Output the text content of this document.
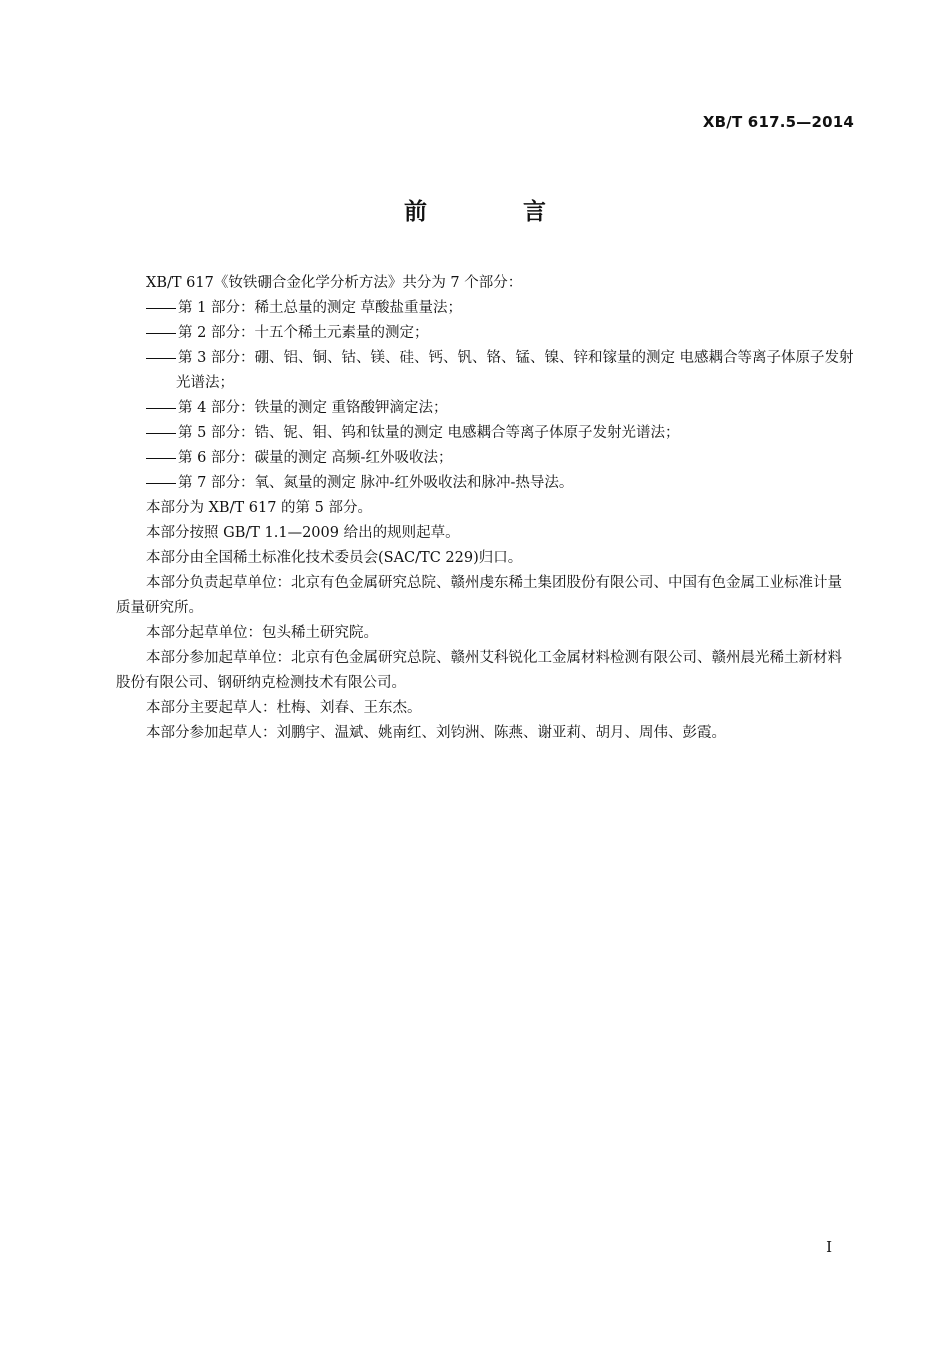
XB/T 617.5—2014
前 言

XB/T 617《钕铁硼合金化学分析方法》共分为 7 个部分：

第 1 部分：稀土总量的测定 草酸盐重量法；

第 2 部分：十五个稀土元素量的测定；

第 3 部分：硼、铝、铜、钴、镁、硅、钙、钒、铬、锰、镍、锌和镓量的测定 电感耦合等离子体原子发射光谱法；

第 4 部分：铁量的测定 重铬酸钾滴定法；

第 5 部分：锆、铌、钼、钨和钛量的测定 电感耦合等离子体原子发射光谱法；

第 6 部分：碳量的测定 高频-红外吸收法；

第 7 部分：氧、氮量的测定 脉冲-红外吸收法和脉冲-热导法。

本部分为 XB/T 617 的第 5 部分。

本部分按照 GB/T 1.1—2009 给出的规则起草。

本部分由全国稀土标准化技术委员会(SAC/TC 229)归口。

本部分负责起草单位：北京有色金属研究总院、赣州虔东稀土集团股份有限公司、中国有色金属工业标准计量质量研究所。

本部分起草单位：包头稀土研究院。

本部分参加起草单位：北京有色金属研究总院、赣州艾科锐化工金属材料检测有限公司、赣州晨光稀土新材料股份有限公司、钢研纳克检测技术有限公司。

本部分主要起草人：杜梅、刘春、王东杰。

本部分参加起草人：刘鹏宇、温斌、姚南红、刘钧洲、陈燕、谢亚莉、胡月、周伟、彭霞。

I
